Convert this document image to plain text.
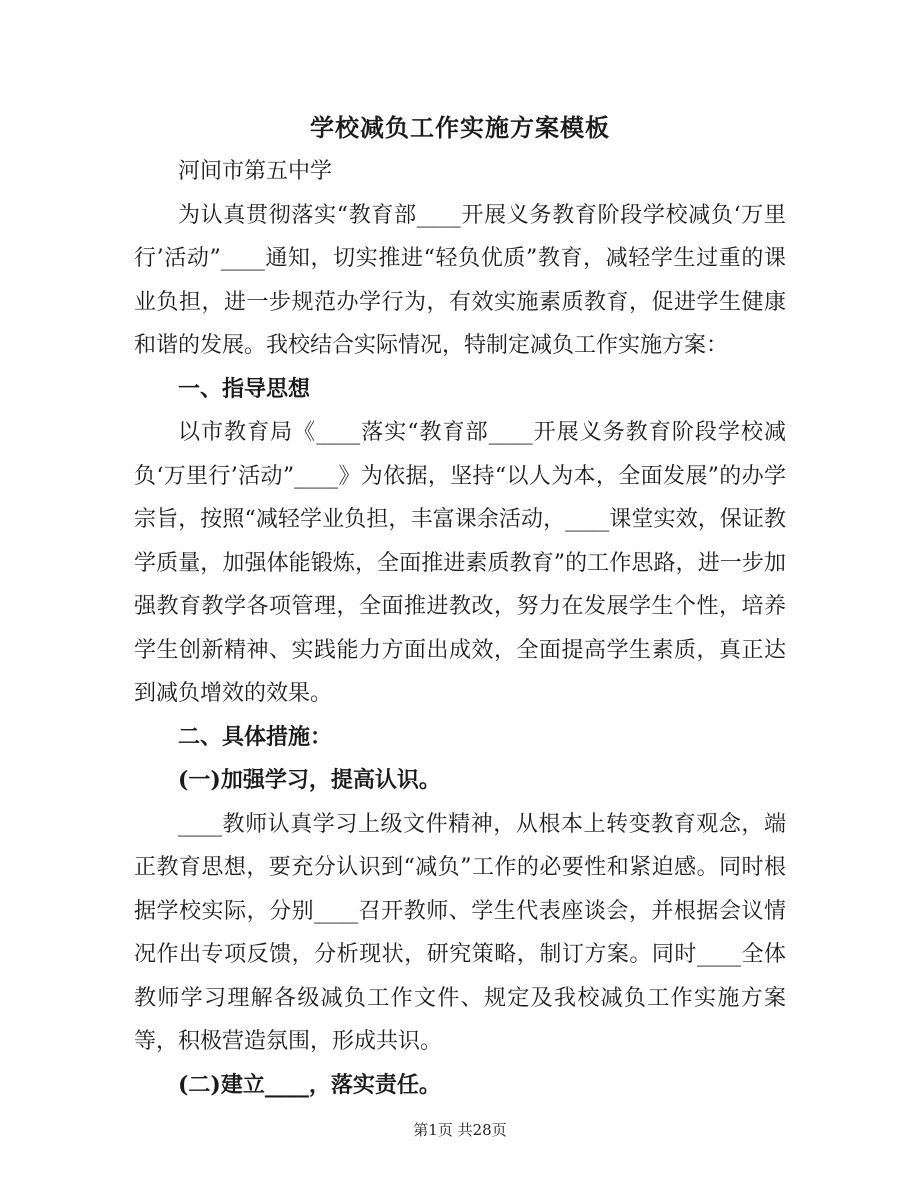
学校减负工作实施方案模板

河间市第五中学

为认真贯彻落实“教育部____开展义务教育阶段学校减负‘万里行’活动”____通知，切实推进“轻负优质”教育，减轻学生过重的课业负担，进一步规范办学行为，有效实施素质教育，促进学生健康和谐的发展。我校结合实际情况，特制定减负工作实施方案：

一、指导思想

以市教育局《____落实“教育部____开展义务教育阶段学校减负‘万里行’活动”____》为依据，坚持“以人为本，全面发展”的办学宗旨，按照“减轻学业负担，丰富课余活动，____课堂实效，保证教学质量，加强体能锻炼，全面推进素质教育”的工作思路，进一步加强教育教学各项管理，全面推进教改，努力在发展学生个性，培养学生创新精神、实践能力方面出成效，全面提高学生素质，真正达到减负增效的效果。

二、具体措施：

(一)加强学习，提高认识。

____教师认真学习上级文件精神，从根本上转变教育观念，端正教育思想，要充分认识到“减负”工作的必要性和紧迫感。同时根据学校实际，分别____召开教师、学生代表座谈会，并根据会议情况作出专项反馈，分析现状，研究策略，制订方案。同时____全体教师学习理解各级减负工作文件、规定及我校减负工作实施方案等，积极营造氛围，形成共识。

(二)建立____，落实责任。

第1页 共28页
